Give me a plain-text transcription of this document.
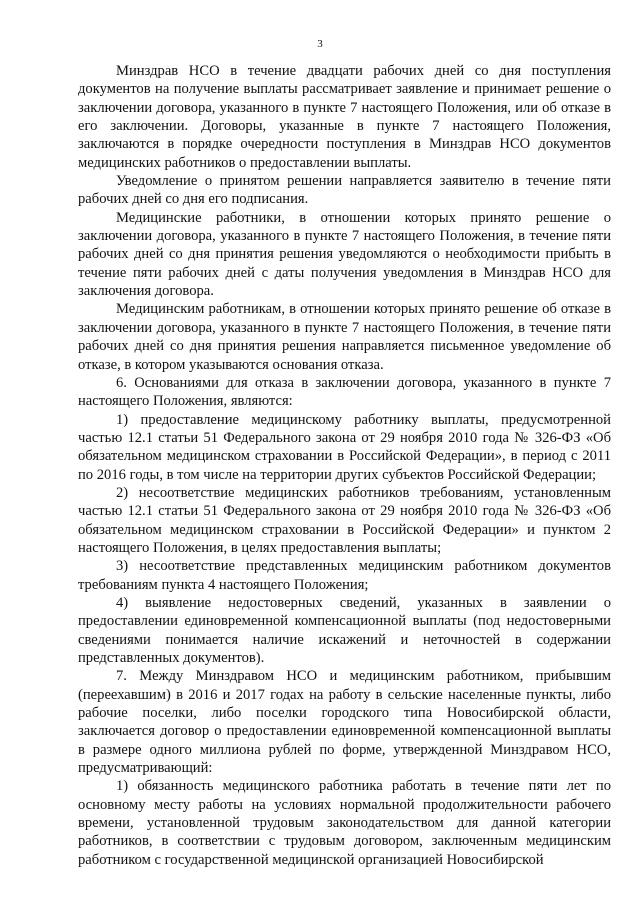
3

Минздрав НСО в течение двадцати рабочих дней со дня поступления документов на получение выплаты рассматривает заявление и принимает решение о заключении договора, указанного в пункте 7 настоящего Положения, или об отказе в его заключении. Договоры, указанные в пункте 7 настоящего Положения, заключаются в порядке очередности поступления в Минздрав НСО документов медицинских работников о предоставлении выплаты.

Уведомление о принятом решении направляется заявителю в течение пяти рабочих дней со дня его подписания.

Медицинские работники, в отношении которых принято решение о заключении договора, указанного в пункте 7 настоящего Положения, в течение пяти рабочих дней со дня принятия решения уведомляются о необходимости прибыть в течение пяти рабочих дней с даты получения уведомления в Минздрав НСО для заключения договора.

Медицинским работникам, в отношении которых принято решение об отказе в заключении договора, указанного в пункте 7 настоящего Положения, в течение пяти рабочих дней со дня принятия решения направляется письменное уведомление об отказе, в котором указываются основания отказа.

6. Основаниями для отказа в заключении договора, указанного в пункте 7 настоящего Положения, являются:

1) предоставление медицинскому работнику выплаты, предусмотренной частью 12.1 статьи 51 Федерального закона от 29 ноября 2010 года № 326-ФЗ «Об обязательном медицинском страховании в Российской Федерации», в период с 2011 по 2016 годы, в том числе на территории других субъектов Российской Федерации;

2) несоответствие медицинских работников требованиям, установленным частью 12.1 статьи 51 Федерального закона от 29 ноября 2010 года № 326-ФЗ «Об обязательном медицинском страховании в Российской Федерации» и пунктом 2 настоящего Положения, в целях предоставления выплаты;

3) несоответствие представленных медицинским работником документов требованиям пункта 4 настоящего Положения;

4) выявление недостоверных сведений, указанных в заявлении о предоставлении единовременной компенсационной выплаты (под недостоверными сведениями понимается наличие искажений и неточностей в содержании представленных документов).

7. Между Минздравом НСО и медицинским работником, прибывшим (переехавшим) в 2016 и 2017 годах на работу в сельские населенные пункты, либо рабочие поселки, либо поселки городского типа Новосибирской области, заключается договор о предоставлении единовременной компенсационной выплаты в размере одного миллиона рублей по форме, утвержденной Минздравом НСО, предусматривающий:

1) обязанность медицинского работника работать в течение пяти лет по основному месту работы на условиях нормальной продолжительности рабочего времени, установленной трудовым законодательством для данной категории работников, в соответствии с трудовым договором, заключенным медицинским работником с государственной медицинской организацией Новосибирской
